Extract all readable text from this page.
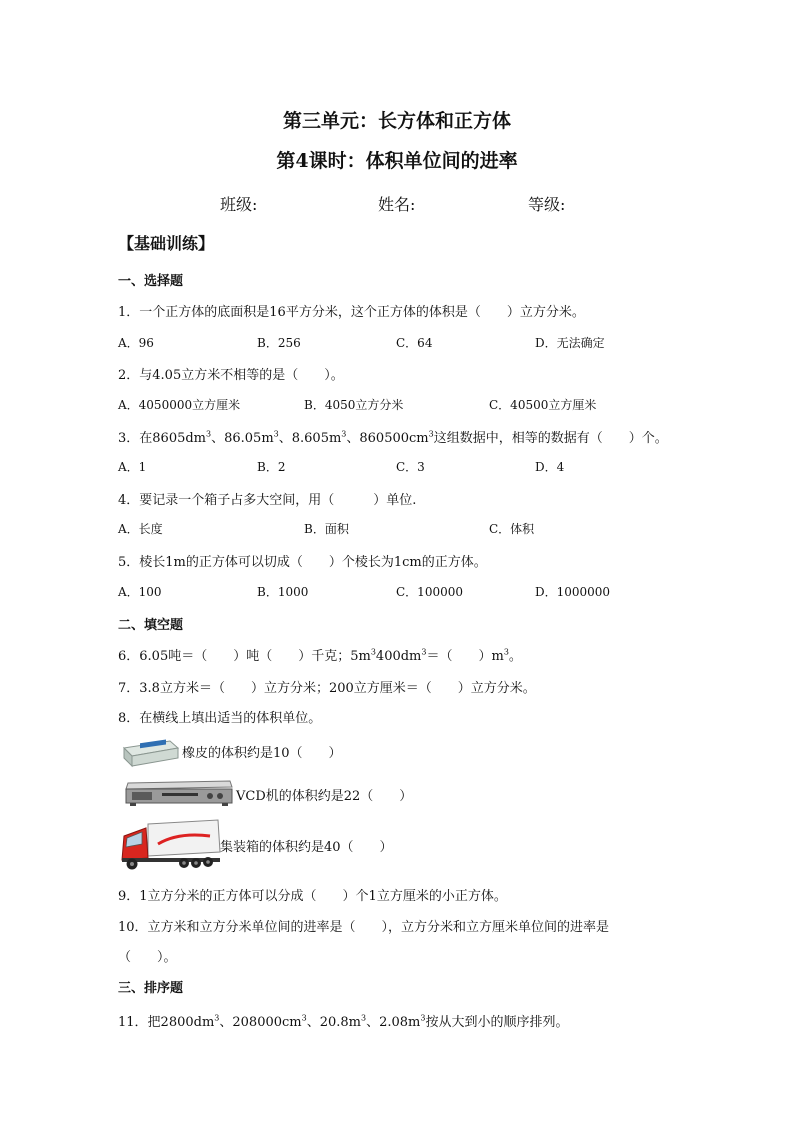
第三单元：长方体和正方体
第4课时：体积单位间的进率
班级:	姓名:	等级:
【基础训练】
一、选择题
1．一个正方体的底面积是16平方分米，这个正方体的体积是（　　）立方分米。
A．96	B．256	C．64	D．无法确定
2．与4.05立方米不相等的是（　　）。
A．4050000立方厘米	B．4050立方分米	C．40500立方厘米
3．在$8605dm^3$、$86.05m^3$、$8.605m^3$、$860500cm^3$这组数据中，相等的数据有（　　）个。
A．1	B．2	C．3	D．4
4．要记录一个箱子占多大空间，用（　　　）单位.
A．长度	B．面积	C．体积
5．棱长1m的正方体可以切成（　　）个棱长为1cm的正方体。
A．100	B．1000	C．100000	D．1000000
二、填空题
6．6.05吨＝（　　）吨（　　）千克；$5m^3400dm^3=$（　　）$m^3$。
7．3.8立方米＝（　　）立方分米；200立方厘米＝（　　）立方分米。
8．在横线上填出适当的体积单位。
橡皮的体积约是10（　　）
VCD机的体积约是22（　　）
集装箱的体积约是40（　　）
9．1立方分米的正方体可以分成（　　）个1立方厘米的小正方体。
10．立方米和立方分米单位间的进率是（　　），立方分米和立方厘米单位间的进率是
（　　）。
三、排序题
11．把$2800dm^3$、$208000cm^3$、$20.8m^3$、$2.08m^3$按从大到小的顺序排列。
